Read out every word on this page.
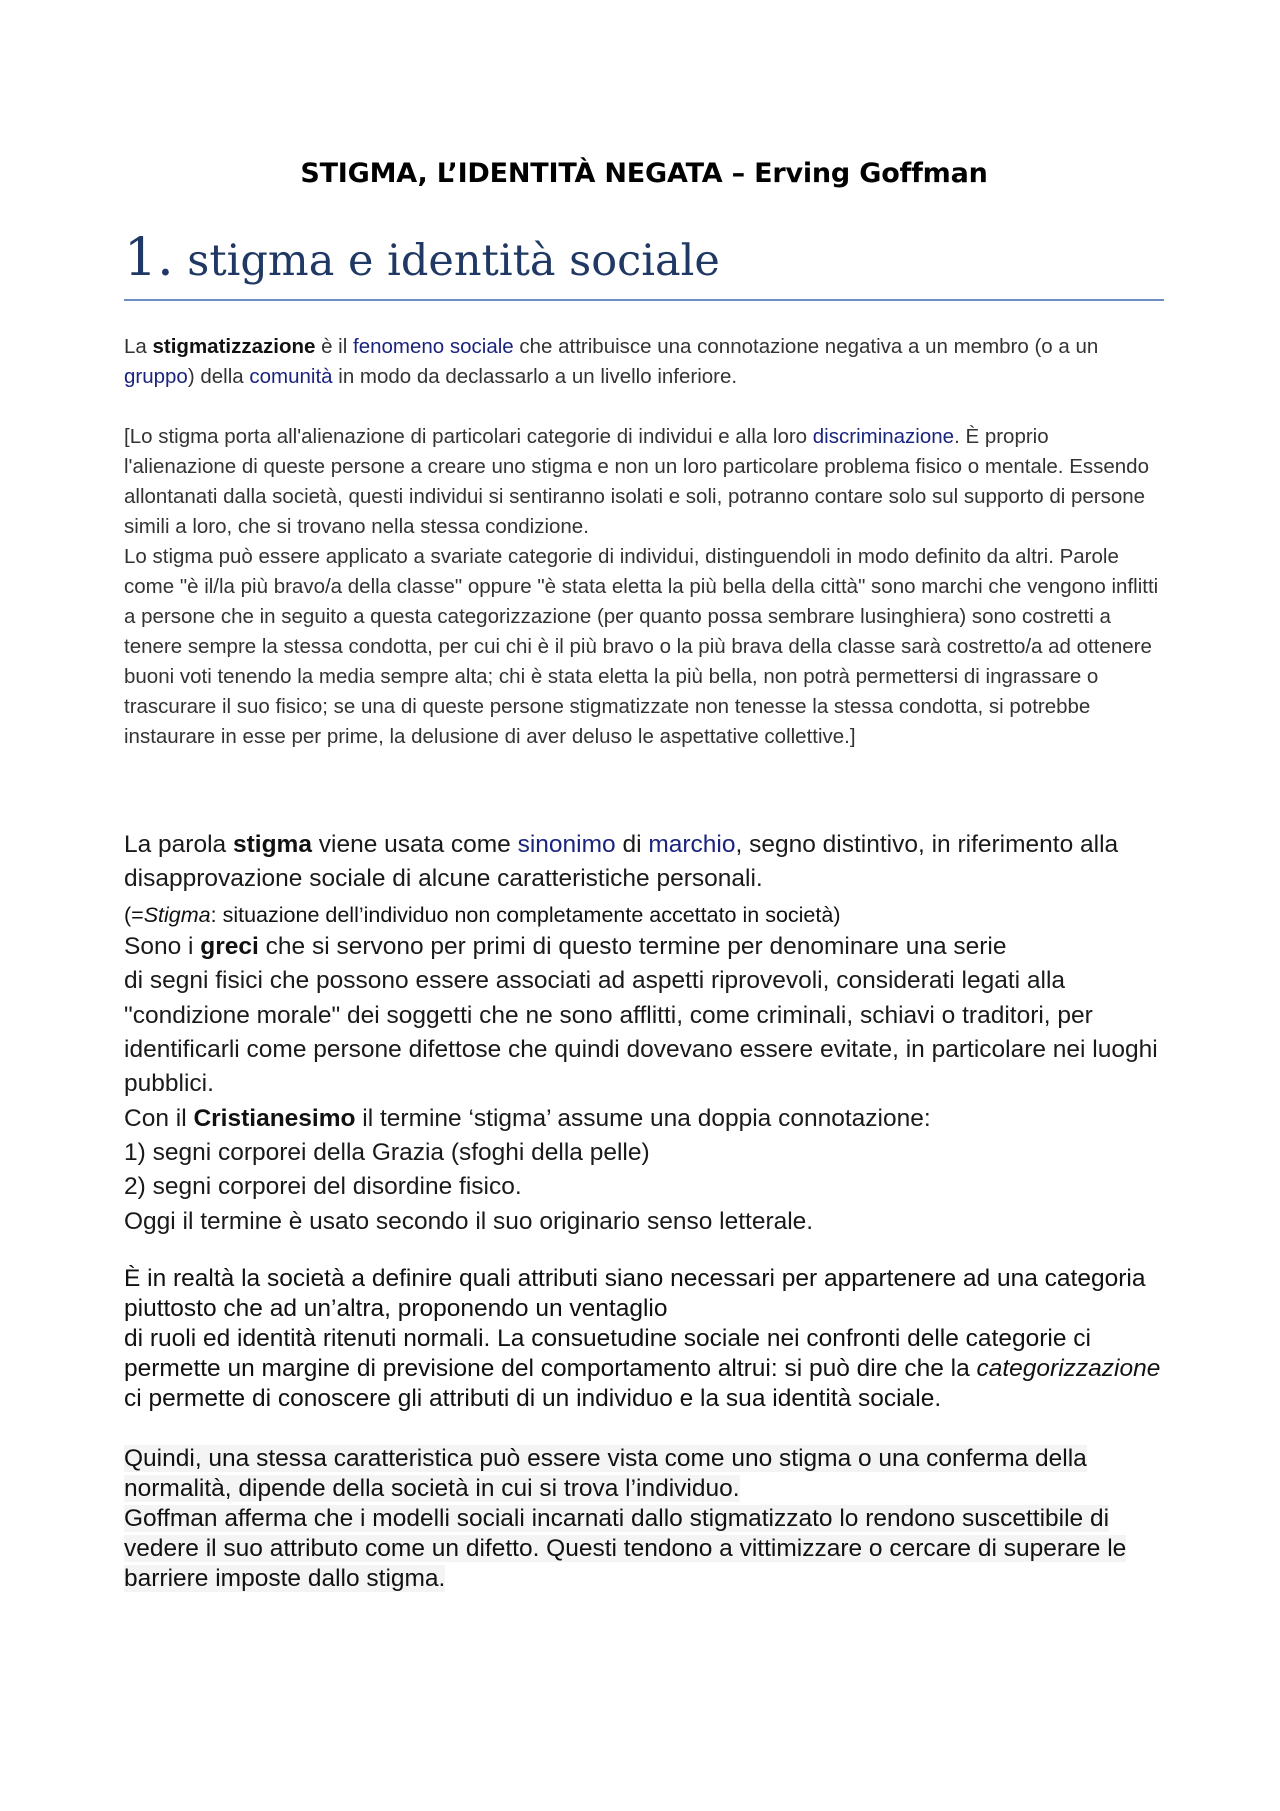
STIGMA, L’IDENTITÀ NEGATA – Erving Goffman
1. stigma e identità sociale

La stigmatizzazione è il fenomeno sociale che attribuisce una connotazione negativa a un membro (o a un gruppo) della comunità in modo da declassarlo a un livello inferiore.

[Lo stigma porta all'alienazione di particolari categorie di individui e alla loro discriminazione. È proprio l'alienazione di queste persone a creare uno stigma e non un loro particolare problema fisico o mentale. Essendo allontanati dalla società, questi individui si sentiranno isolati e soli, potranno contare solo sul supporto di persone simili a loro, che si trovano nella stessa condizione.

Lo stigma può essere applicato a svariate categorie di individui, distinguendoli in modo definito da altri. Parole come "è il/la più bravo/a della classe" oppure "è stata eletta la più bella della città" sono marchi che vengono inflitti a persone che in seguito a questa categorizzazione (per quanto possa sembrare lusinghiera) sono costretti a tenere sempre la stessa condotta, per cui chi è il più bravo o la più brava della classe sarà costretto/a ad ottenere buoni voti tenendo la media sempre alta; chi è stata eletta la più bella, non potrà permettersi di ingrassare o trascurare il suo fisico; se una di queste persone stigmatizzate non tenesse la stessa condotta, si potrebbe instaurare in esse per prime, la delusione di aver deluso le aspettative collettive.]

La parola stigma viene usata come sinonimo di marchio, segno distintivo, in riferimento alla disapprovazione sociale di alcune caratteristiche personali.

(=Stigma: situazione dell’individuo non completamente accettato in società)

Sono i greci che si servono per primi di questo termine per denominare una serie

di segni fisici che possono essere associati ad aspetti riprovevoli, considerati legati alla "condizione morale" dei soggetti che ne sono afflitti, come criminali, schiavi o traditori, per identificarli come persone difettose che quindi dovevano essere evitate, in particolare nei luoghi pubblici.

Con il Cristianesimo il termine ‘stigma’ assume una doppia connotazione:

1) segni corporei della Grazia (sfoghi della pelle)

2) segni corporei del disordine fisico.

Oggi il termine è usato secondo il suo originario senso letterale.

È in realtà la società a definire quali attributi siano necessari per appartenere ad una categoria piuttosto che ad un’altra, proponendo un ventaglio

di ruoli ed identità ritenuti normali. La consuetudine sociale nei confronti delle categorie ci permette un margine di previsione del comportamento altrui: si può dire che la categorizzazione ci permette di conoscere gli attributi di un individuo e la sua identità sociale.

Quindi, una stessa caratteristica può essere vista come uno stigma o una conferma della normalità, dipende della società in cui si trova l’individuo.

Goffman afferma che i modelli sociali incarnati dallo stigmatizzato lo rendono suscettibile di vedere il suo attributo come un difetto. Questi tendono a vittimizzare o cercare di superare le barriere imposte dallo stigma.
